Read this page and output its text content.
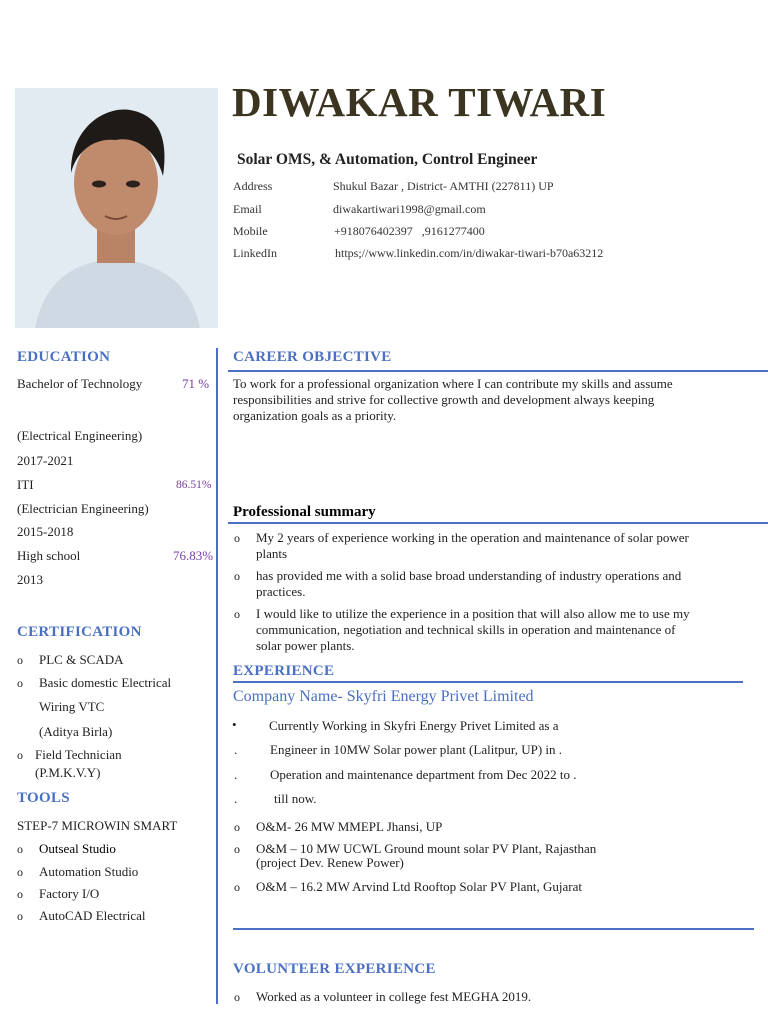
DIWAKAR TIWARI
Solar OMS, & Automation, Control Engineer
Address	Shukul Bazar , District- AMTHI (227811) UP
Email	diwakartiwari1998@gmail.com
Mobile	+918076402397   ,9161277400
LinkedIn	https;//www.linkedin.com/in/diwakar-tiwari-b70a63212
EDUCATION
Bachelor of Technology	71 %
(Electrical Engineering)
2017-2021
ITI	86.51%
(Electrician Engineering)
2015-2018
High school	76.83%
2013
CERTIFICATION
o PLC & SCADA
o Basic domestic Electrical
Wiring VTC
(Aditya Birla)
o Field Technician
(P.M.K.V.Y)
TOOLS
STEP-7 MICROWIN SMART
o Outseal Studio
o Automation Studio
o Factory I/O
o AutoCAD Electrical
CAREER OBJECTIVE
To work for a professional organization where I can contribute my skills and assume
responsibilities and strive for collective growth and development always keeping
organization goals as a priority.
Professional summary
o My 2 years of experience working in the operation and maintenance of solar power
plants
o has provided me with a solid base broad understanding of industry operations and
practices.
o I would like to utilize the experience in a position that will also allow me to use my
communication, negotiation and technical skills in operation and maintenance of
solar power plants.
EXPERIENCE
Company Name- Skyfri Energy Privet Limited
• Currently Working in Skyfri Energy Privet Limited as a
.	Engineer in 10MW Solar power plant (Lalitpur, UP) in .
.	Operation and maintenance department from Dec 2022 to .
.	till now.
o O&M- 26 MW MMEPL Jhansi, UP
o O&M – 10 MW UCWL Ground mount solar PV Plant, Rajasthan
(project Dev. Renew Power)
o O&M – 16.2 MW Arvind Ltd Rooftop Solar PV Plant, Gujarat
VOLUNTEER EXPERIENCE
o Worked as a volunteer in college fest MEGHA 2019.
